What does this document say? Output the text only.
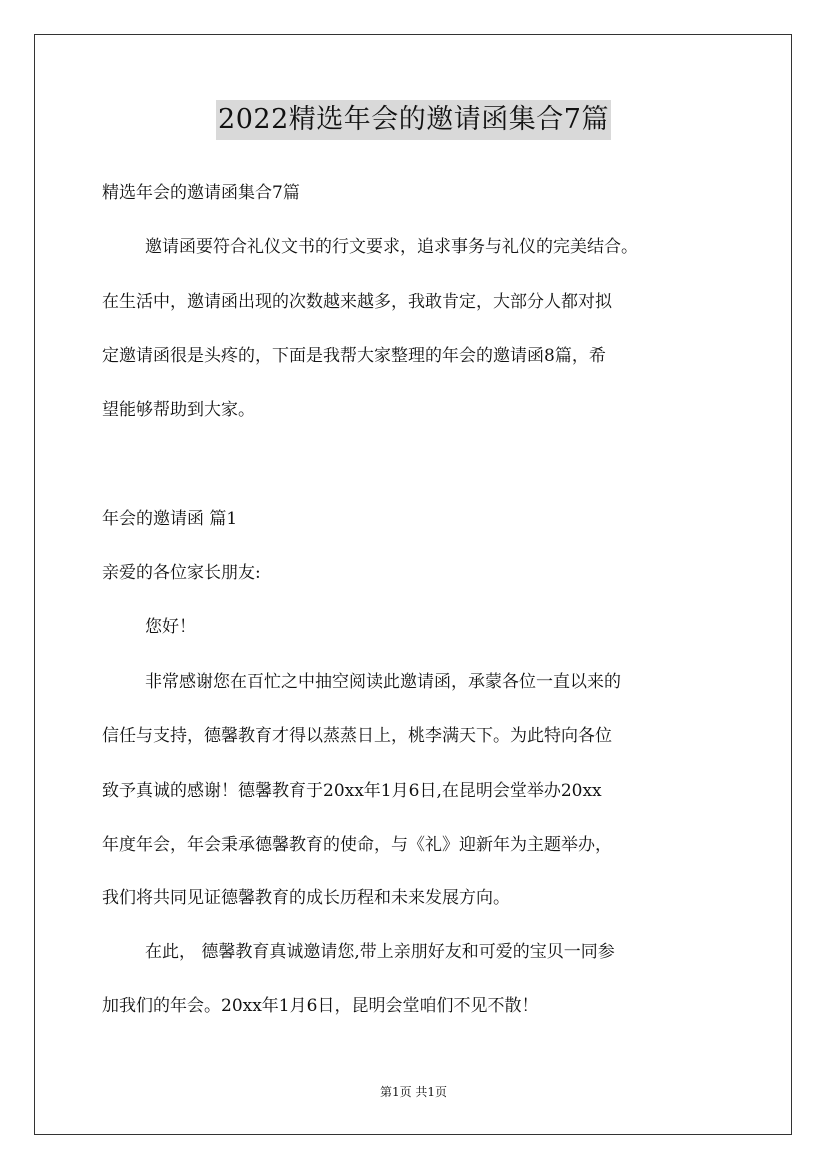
2022精选年会的邀请函集合7篇
精选年会的邀请函集合7篇
邀请函要符合礼仪文书的行文要求，追求事务与礼仪的完美结合。
在生活中，邀请函出现的次数越来越多，我敢肯定，大部分人都对拟
定邀请函很是头疼的，下面是我帮大家整理的年会的邀请函8篇，希
望能够帮助到大家。
年会的邀请函 篇1
亲爱的各位家长朋友:
您好！
非常感谢您在百忙之中抽空阅读此邀请函，承蒙各位一直以来的
信任与支持，德馨教育才得以蒸蒸日上，桃李满天下。为此特向各位
致予真诚的感谢！德馨教育于20xx年1月6日,在昆明会堂举办20xx
年度年会，年会秉承德馨教育的使命，与《礼》迎新年为主题举办，
我们将共同见证德馨教育的成长历程和未来发展方向。
在此， 德馨教育真诚邀请您,带上亲朋好友和可爱的宝贝一同参
加我们的年会。20xx年1月6日，昆明会堂咱们不见不散！
第1页 共1页
